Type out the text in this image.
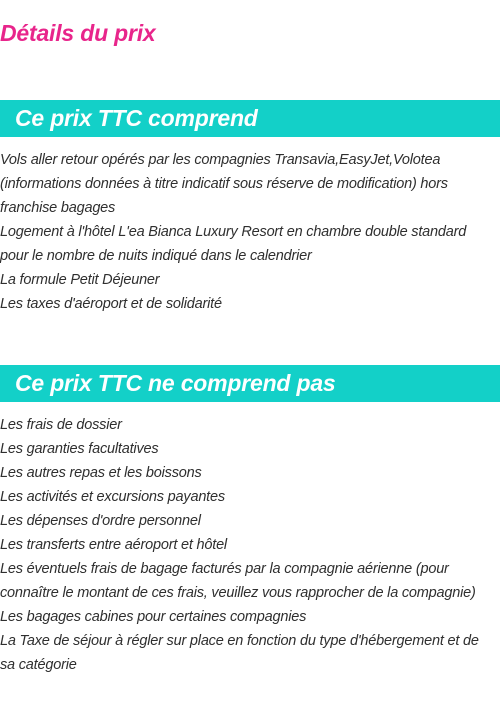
Détails du prix
Ce prix TTC comprend
Vols aller retour opérés par les compagnies Transavia,EasyJet,Volotea (informations données à titre indicatif sous réserve de modification) hors franchise bagages
Logement à l'hôtel L'ea Bianca Luxury Resort en chambre double standard pour le nombre de nuits indiqué dans le calendrier
La formule Petit Déjeuner
Les taxes d'aéroport et de solidarité
Ce prix TTC ne comprend pas
Les frais de dossier
Les garanties facultatives
Les autres repas et les boissons
Les activités et excursions payantes
Les dépenses d'ordre personnel
Les transferts entre aéroport et hôtel
Les éventuels frais de bagage facturés par la compagnie aérienne (pour connaître le montant de ces frais, veuillez vous rapprocher de la compagnie)
Les bagages cabines pour certaines compagnies
La Taxe de séjour à régler sur place en fonction du type d'hébergement et de sa catégorie
